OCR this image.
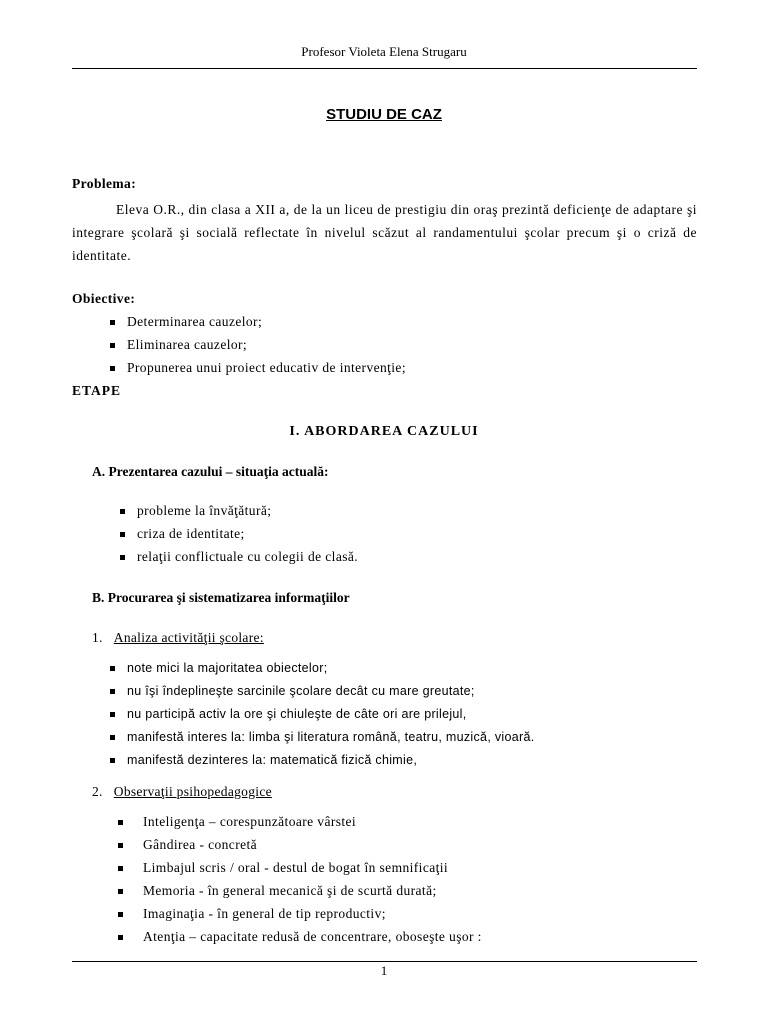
Profesor Violeta Elena Strugaru
STUDIU DE CAZ
Problema:

Eleva O.R., din clasa a XII a, de la un liceu de prestigiu din oraş prezintă deficienţe de adaptare şi integrare şcolară şi socială reflectate în nivelul scăzut al randamentului şcolar precum şi o criză de identitate.

Obiective:
Determinarea cauzelor;
Eliminarea cauzelor;
Propunerea unui proiect educativ de intervenţie;
ETAPE
I. ABORDAREA CAZULUI
A. Prezentarea cazului – situaţia actuală:
probleme la învăţătură;
criza de identitate;
relaţii conflictuale cu colegii de clasă.
B. Procurarea şi sistematizarea informaţiilor
1. Analiza activităţii şcolare:
note mici la majoritatea obiectelor;
nu îşi îndeplineşte sarcinile şcolare decât cu mare greutate;
nu participă activ la ore şi chiuleşte de câte ori are prilejul,
manifestă interes la: limba şi literatura română, teatru, muzică, vioară.
manifestă dezinteres la: matematică fizică chimie,
2. Observaţii psihopedagogice
Inteligenţa – corespunzătoare vârstei
Gândirea - concretă
Limbajul scris / oral - destul de bogat în semnificaţii
Memoria - în general mecanică şi de scurtă durată;
Imaginaţia - în general de tip reproductiv;
Atenţia – capacitate redusă de concentrare, oboseşte uşor :
1
